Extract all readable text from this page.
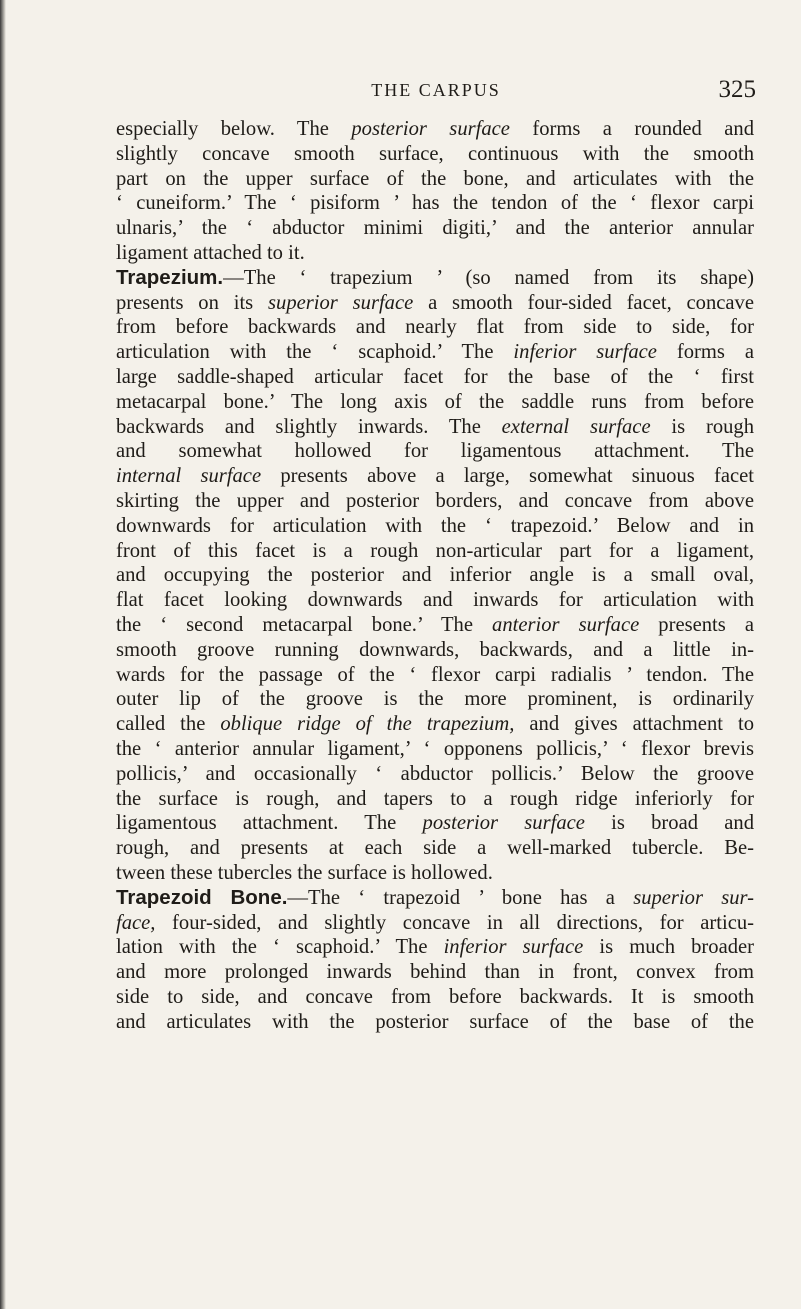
THE CARPUS	325
especially below. The posterior surface forms a rounded and
slightly concave smooth surface, continuous with the smooth
part on the upper surface of the bone, and articulates with the
‘ cuneiform.’ The ‘ pisiform ’ has the tendon of the ‘ flexor carpi
ulnaris,’ the ‘ abductor minimi digiti,’ and the anterior annular
ligament attached to it.
Trapezium.—The ‘ trapezium ’ (so named from its shape)
presents on its superior surface a smooth four-sided facet, concave
from before backwards and nearly flat from side to side, for
articulation with the ‘ scaphoid.’ The inferior surface forms a
large saddle-shaped articular facet for the base of the ‘ first
metacarpal bone.’ The long axis of the saddle runs from before
backwards and slightly inwards. The external surface is rough
and somewhat hollowed for ligamentous attachment. The
internal surface presents above a large, somewhat sinuous facet
skirting the upper and posterior borders, and concave from above
downwards for articulation with the ‘ trapezoid.’ Below and in
front of this facet is a rough non-articular part for a ligament,
and occupying the posterior and inferior angle is a small oval,
flat facet looking downwards and inwards for articulation with
the ‘ second metacarpal bone.’ The anterior surface presents a
smooth groove running downwards, backwards, and a little in-
wards for the passage of the ‘ flexor carpi radialis ’ tendon. The
outer lip of the groove is the more prominent, is ordinarily
called the oblique ridge of the trapezium, and gives attachment to
the ‘ anterior annular ligament,’ ‘ opponens pollicis,’ ‘ flexor brevis
pollicis,’ and occasionally ‘ abductor pollicis.’ Below the groove
the surface is rough, and tapers to a rough ridge inferiorly for
ligamentous attachment. The posterior surface is broad and
rough, and presents at each side a well-marked tubercle. Be-
tween these tubercles the surface is hollowed.
Trapezoid Bone.—The ‘ trapezoid ’ bone has a superior sur-
face, four-sided, and slightly concave in all directions, for articu-
lation with the ‘ scaphoid.’ The inferior surface is much broader
and more prolonged inwards behind than in front, convex from
side to side, and concave from before backwards. It is smooth
and articulates with the posterior surface of the base of the
